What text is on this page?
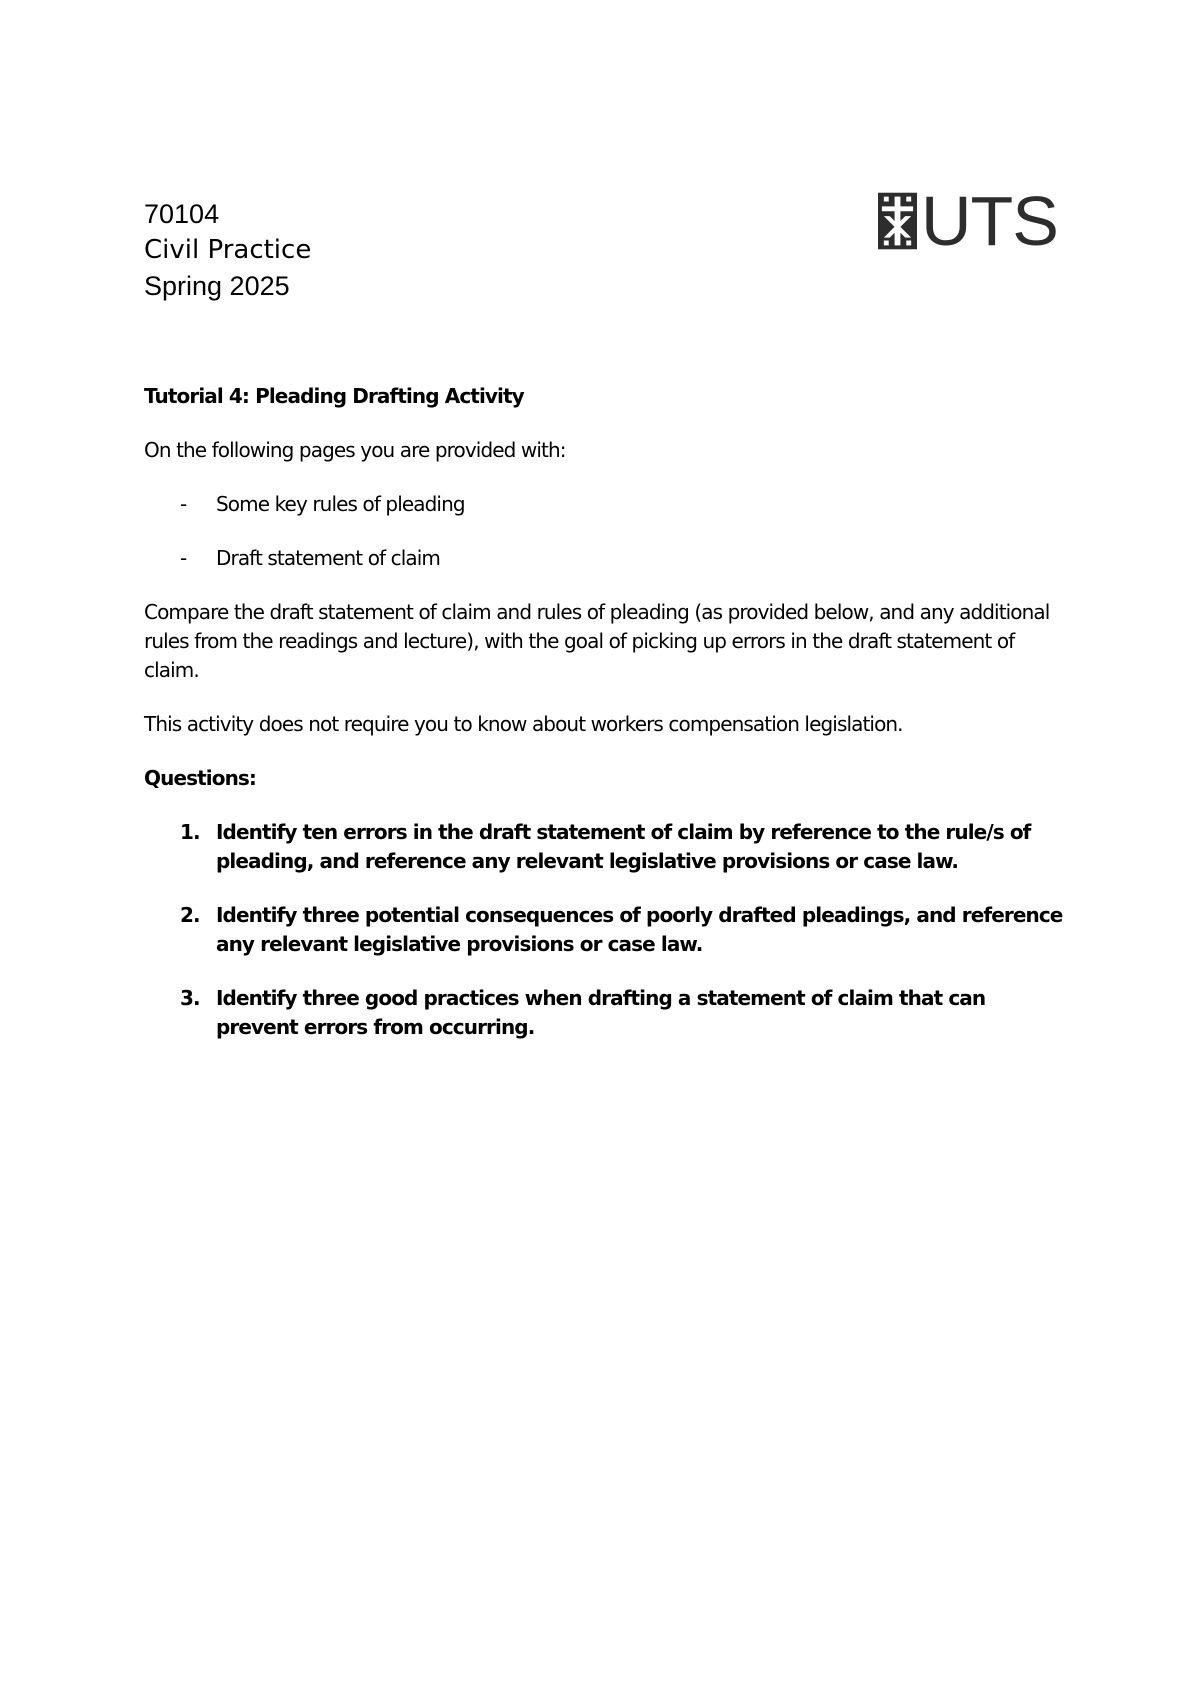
70104

Civil Practice

Spring 2025

UTS

Tutorial 4: Pleading Drafting Activity

On the following pages you are provided with:

- Some key rules of pleading
- Draft statement of claim

Compare the draft statement of claim and rules of pleading (as provided below, and any additional rules from the readings and lecture), with the goal of picking up errors in the draft statement of claim.

This activity does not require you to know about workers compensation legislation.

Questions:

1. Identify ten errors in the draft statement of claim by reference to the rule/s of pleading, and reference any relevant legislative provisions or case law.
2. Identify three potential consequences of poorly drafted pleadings, and reference any relevant legislative provisions or case law.
3. Identify three good practices when drafting a statement of claim that can prevent errors from occurring.
